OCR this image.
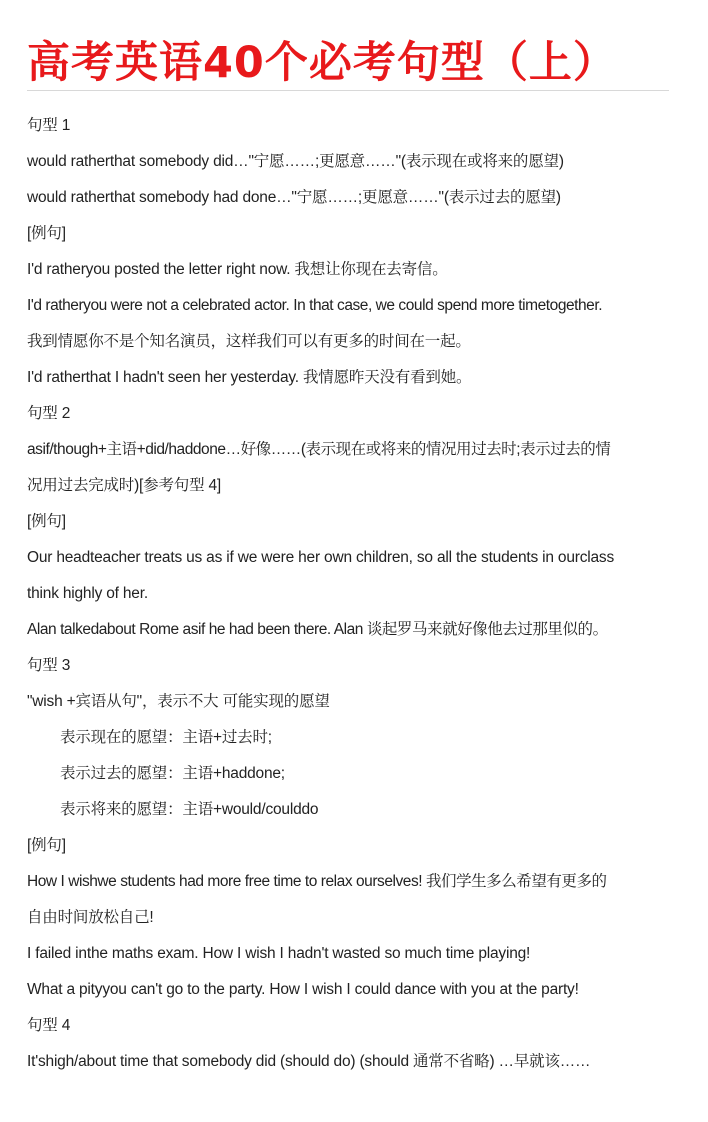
高考英语40个必考句型（上）
句型 1
would ratherthat somebody did…"宁愿……;更愿意……"(表示现在或将来的愿望)
would ratherthat somebody had done…"宁愿……;更愿意……"(表示过去的愿望)
[例句]
I'd ratheryou posted the letter right now. 我想让你现在去寄信。
I'd ratheryou were not a celebrated actor. In that case, we could spend more timetogether.
我到情愿你不是个知名演员，这样我们可以有更多的时间在一起。
I'd ratherthat I hadn't seen her yesterday. 我情愿昨天没有看到她。
句型 2
asif/though+主语+did/haddone…好像……(表示现在或将来的情况用过去时;表示过去的情
况用过去完成时)[参考句型 4]
[例句]
Our headteacher treats us as if we were her own children, so all the students in ourclass
think highly of her.
Alan talkedabout Rome asif he had been there. Alan 谈起罗马来就好像他去过那里似的。
句型 3
"wish +宾语从句"，表示不大 可能实现的愿望
表示现在的愿望：主语+过去时;
表示过去的愿望：主语+haddone;
表示将来的愿望：主语+would/coulddo
[例句]
How I wishwe students had more free time to relax ourselves! 我们学生多么希望有更多的
自由时间放松自己!
I failed inthe maths exam. How I wish I hadn't wasted so much time playing!
What a pityyou can't go to the party. How I wish I could dance with you at the party!
句型 4
It'shigh/about time that somebody did (should do) (should 通常不省略) …早就该……
